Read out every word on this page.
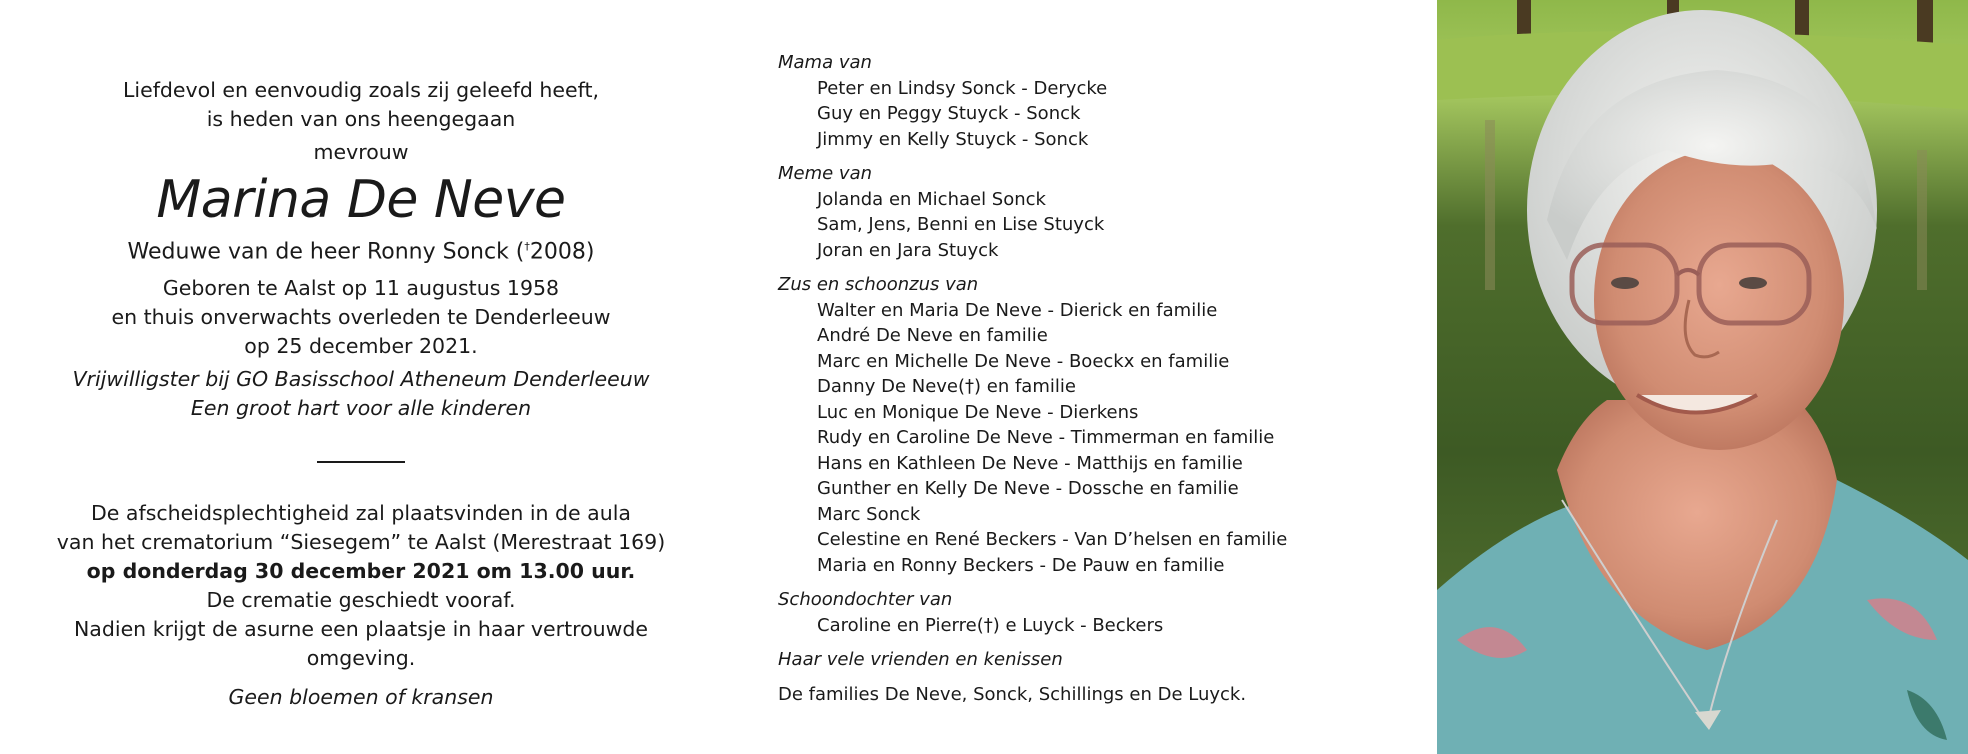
Liefdevol en eenvoudig zoals zij geleefd heeft,

is heden van ons heengegaan

mevrouw

Marina De Neve

Weduwe van de heer Ronny Sonck (†2008)

Geboren te Aalst op 11 augustus 1958

en thuis onverwachts overleden te Denderleeuw

op 25 december 2021.

Vrijwilligster bij GO Basisschool Atheneum Denderleeuw

Een groot hart voor alle kinderen

De afscheidsplechtigheid zal plaatsvinden in de aula

van het crematorium “Siesegem” te Aalst (Merestraat 169)

op donderdag 30 december 2021 om 13.00 uur.

De crematie geschiedt vooraf.

Nadien krijgt de asurne een plaatsje in haar vertrouwde omgeving.

Geen bloemen of kransen

Mama van

Peter en Lindsy Sonck - Derycke

Guy en Peggy Stuyck - Sonck

Jimmy en Kelly Stuyck - Sonck

Meme van

Jolanda en Michael Sonck

Sam, Jens, Benni en Lise Stuyck

Joran en Jara Stuyck

Zus en schoonzus van

Walter en Maria De Neve - Dierick en familie

André De Neve en familie

Marc en Michelle De Neve - Boeckx en familie

Danny De Neve(†) en familie

Luc en Monique De Neve - Dierkens

Rudy en Caroline De Neve - Timmerman en familie

Hans en Kathleen De Neve - Matthijs en familie

Gunther en Kelly De Neve - Dossche en familie

Marc Sonck

Celestine en René Beckers - Van D’helsen en familie

Maria en Ronny Beckers - De Pauw en familie

Schoondochter van

Caroline en Pierre(†) e Luyck - Beckers

Haar vele vrienden en kenissen

De families De Neve, Sonck, Schillings en De Luyck.
